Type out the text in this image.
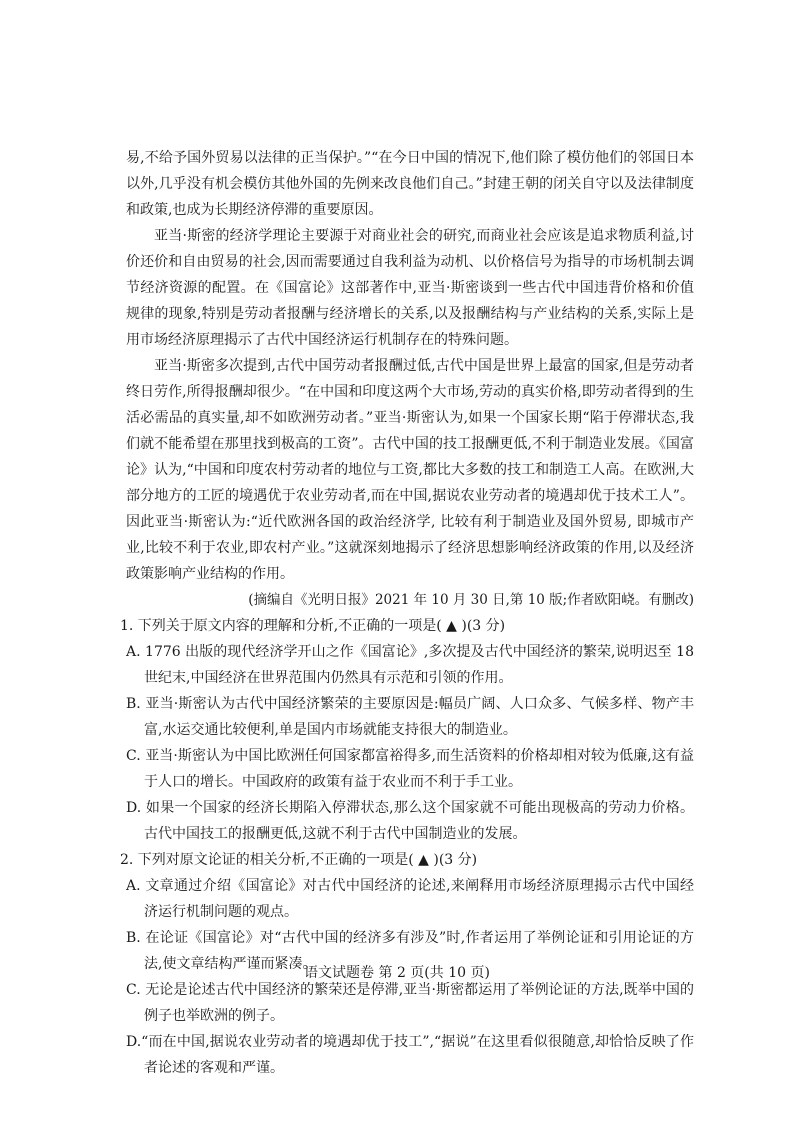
易,不给予国外贸易以法律的正当保护。”“在今日中国的情况下,他们除了模仿他们的邻国日本以外,几乎没有机会模仿其他外国的先例来改良他们自己。”封建王朝的闭关自守以及法律制度和政策,也成为长期经济停滞的重要原因。

亚当·斯密的经济学理论主要源于对商业社会的研究,而商业社会应该是追求物质利益,讨价还价和自由贸易的社会,因而需要通过自我利益为动机、以价格信号为指导的市场机制去调节经济资源的配置。在《国富论》这部著作中,亚当·斯密谈到一些古代中国违背价格和价值规律的现象,特别是劳动者报酬与经济增长的关系,以及报酬结构与产业结构的关系,实际上是用市场经济原理揭示了古代中国经济运行机制存在的特殊问题。

亚当·斯密多次提到,古代中国劳动者报酬过低,古代中国是世界上最富的国家,但是劳动者终日劳作,所得报酬却很少。“在中国和印度这两个大市场,劳动的真实价格,即劳动者得到的生活必需品的真实量,却不如欧洲劳动者。”亚当·斯密认为,如果一个国家长期“陷于停滞状态,我们就不能希望在那里找到极高的工资”。古代中国的技工报酬更低,不利于制造业发展。《国富论》认为,“中国和印度农村劳动者的地位与工资,都比大多数的技工和制造工人高。在欧洲,大部分地方的工匠的境遇优于农业劳动者,而在中国,据说农业劳动者的境遇却优于技术工人”。因此亚当·斯密认为:“近代欧洲各国的政治经济学, 比较有利于制造业及国外贸易, 即城市产业,比较不利于农业,即农村产业。”这就深刻地揭示了经济思想影响经济政策的作用,以及经济政策影响产业结构的作用。

(摘编自《光明日报》2021 年 10 月 30 日,第 10 版;作者欧阳峣。有删改)

1. 下列关于原文内容的理解和分析,不正确的一项是( ▲ )(3 分)

A. 1776 出版的现代经济学开山之作《国富论》,多次提及古代中国经济的繁荣,说明迟至 18 世纪末,中国经济在世界范围内仍然具有示范和引领的作用。

B. 亚当·斯密认为古代中国经济繁荣的主要原因是:幅员广阔、人口众多、气候多样、物产丰富,水运交通比较便利,单是国内市场就能支持很大的制造业。

C. 亚当·斯密认为中国比欧洲任何国家都富裕得多,而生活资料的价格却相对较为低廉,这有益于人口的增长。中国政府的政策有益于农业而不利于手工业。

D. 如果一个国家的经济长期陷入停滞状态,那么这个国家就不可能出现极高的劳动力价格。古代中国技工的报酬更低,这就不利于古代中国制造业的发展。

2. 下列对原文论证的相关分析,不正确的一项是( ▲ )(3 分)

A. 文章通过介绍《国富论》对古代中国经济的论述,来阐释用市场经济原理揭示古代中国经济运行机制问题的观点。

B. 在论证《国富论》对“古代中国的经济多有涉及”时,作者运用了举例论证和引用论证的方法,使文章结构严谨而紧凑。

C. 无论是论述古代中国经济的繁荣还是停滞,亚当·斯密都运用了举例论证的方法,既举中国的例子也举欧洲的例子。

D.“而在中国,据说农业劳动者的境遇却优于技工”,“据说”在这里看似很随意,却恰恰反映了作者论述的客观和严谨。

语文试题卷 第 2 页(共 10 页)
